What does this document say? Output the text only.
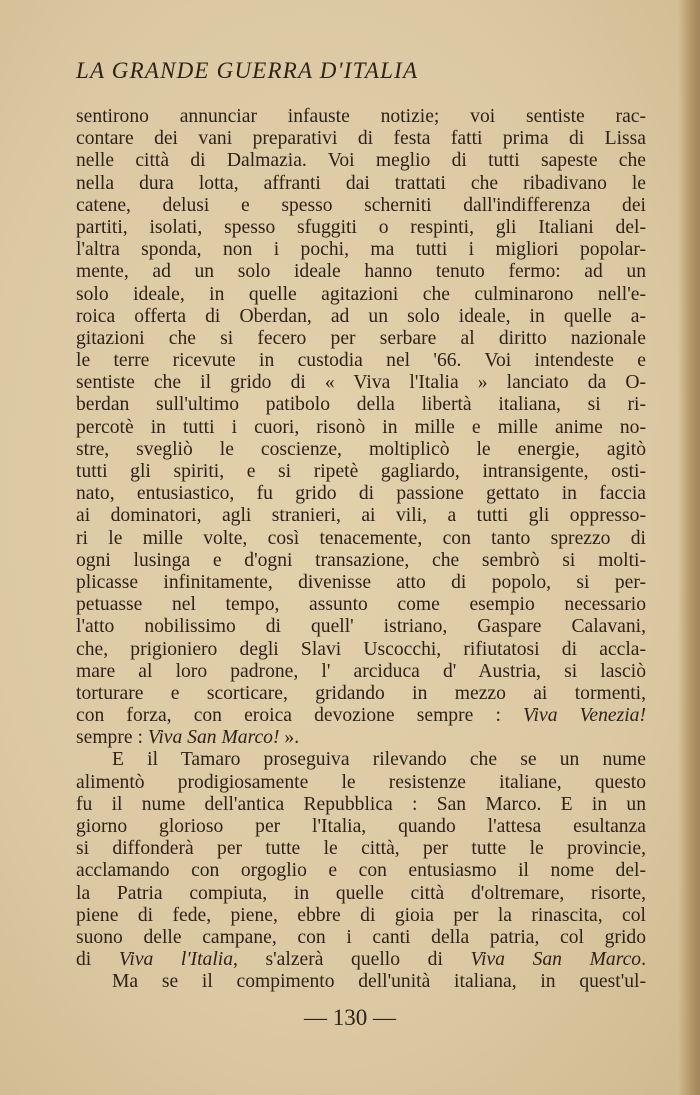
LA GRANDE GUERRA D'ITALIA
sentirono annunciar infauste notizie; voi sentiste rac-
contare dei vani preparativi di festa fatti prima di Lissa
nelle città di Dalmazia. Voi meglio di tutti sapeste che
nella dura lotta, affranti dai trattati che ribadivano le
catene, delusi e spesso scherniti dall'indifferenza dei
partiti, isolati, spesso sfuggiti o respinti, gli Italiani del-
l'altra sponda, non i pochi, ma tutti i migliori popolar-
mente, ad un solo ideale hanno tenuto fermo: ad un
solo ideale, in quelle agitazioni che culminarono nell'e-
roica offerta di Oberdan, ad un solo ideale, in quelle a-
gitazioni che si fecero per serbare al diritto nazionale
le terre ricevute in custodia nel '66. Voi intendeste e
sentiste che il grido di « Viva l'Italia » lanciato da O-
berdan sull'ultimo patibolo della libertà italiana, si ri-
percotè in tutti i cuori, risonò in mille e mille anime no-
stre, svegliò le coscienze, moltiplicò le energie, agitò
tutti gli spiriti, e si ripetè gagliardo, intransigente, osti-
nato, entusiastico, fu grido di passione gettato in faccia
ai dominatori, agli stranieri, ai vili, a tutti gli oppresso-
ri le mille volte, così tenacemente, con tanto sprezzo di
ogni lusinga e d'ogni transazione, che sembrò si molti-
plicasse infinitamente, divenisse atto di popolo, si per-
petuasse nel tempo, assunto come esempio necessario
l'atto nobilissimo di quell' istriano, Gaspare Calavani,
che, prigioniero degli Slavi Uscocchi, rifiutatosi di accla-
mare al loro padrone, l' arciduca d' Austria, si lasciò
torturare e scorticare, gridando in mezzo ai tormenti,
con forza, con eroica devozione sempre : Viva Venezia!
sempre : Viva San Marco! ».
E il Tamaro proseguiva rilevando che se un nume
alimentò prodigiosamente le resistenze italiane, questo
fu il nume dell'antica Repubblica : San Marco. E in un
giorno glorioso per l'Italia, quando l'attesa esultanza
si diffonderà per tutte le città, per tutte le provincie,
acclamando con orgoglio e con entusiasmo il nome del-
la Patria compiuta, in quelle città d'oltremare, risorte,
piene di fede, piene, ebbre di gioia per la rinascita, col
suono delle campane, con i canti della patria, col grido
di Viva l'Italia, s'alzerà quello di Viva San Marco.
Ma se il compimento dell'unità italiana, in quest'ul-
— 130 —
